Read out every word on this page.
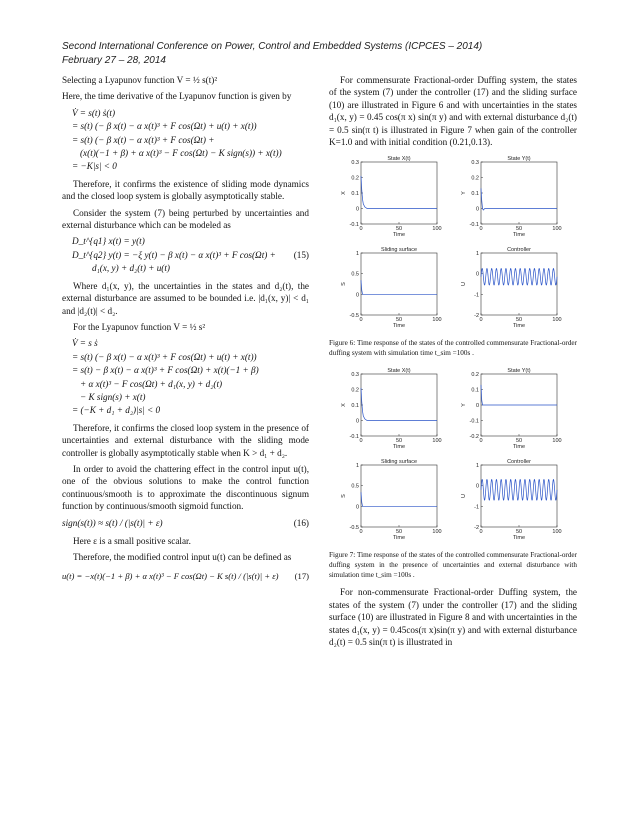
Second International Conference on Power, Control and Embedded Systems (ICPCES – 2014)
February 27 – 28, 2014

Selecting a Lyapunov function V = ½ s(t)²

Here, the time derivative of the Lyapunov function is given by

V̇ = s(t) ṡ(t)
= s(t) (− β x(t) − α x(t)³ + F cos(Ωt) + u(t) + x(t))
= s(t) (− β x(t) − α x(t)³ + F cos(Ωt) +
(x(t)(−1 + β) + α x(t)³ − F cos(Ωt) − K sign(s)) + x(t))
= −K|s| < 0

Therefore, it confirms the existence of sliding mode dynamics and the closed loop system is globally asymptotically stable.

Consider the system (7) being perturbed by uncertainties and external disturbance which can be modeled as

D_t^{q1} x(t) = y(t)
D_t^{q2} y(t) = −ξ y(t) − β x(t) − α x(t)³ + F cos(Ωt) + (15)
d₁(x, y) + d₂(t) + u(t)

Where d₁(x, y), the uncertainties in the states and d₂(t), the external disturbance are assumed to be bounded i.e. |d₁(x, y)| < d₁ and |d₂(t)| < d₂.

For the Lyapunov function V = ½ s²

V̇ = s ṡ
= s(t) (− β x(t) − α x(t)³ + F cos(Ωt) + u(t) + x(t))
= s(t) − β x(t) − α x(t)³ + F cos(Ωt) + x(t)(−1 + β)
+ α x(t)³ − F cos(Ωt) + d₁(x, y) + d₂(t)
− K sign(s) + x(t)
= (−K + d₁ + d₂)|s| < 0

Therefore, it confirms the closed loop system in the presence of uncertainties and external disturbance with the sliding mode controller is globally asymptotically stable when K > d₁ + d₂.

In order to avoid the chattering effect in the control input u(t), one of the obvious solutions to make the control function continuous/smooth is to approximate the discontinuous signum function by continuous/smooth sigmoid function.

sign(s(t)) ≈ s(t) / (|s(t)| + ε)	(16)

Here ε is a small positive scalar.

Therefore, the modified control input u(t) can be defined as

u(t) = −x(t)(−1 + β) + α x(t)³ − F cos(Ωt) − K s(t) / (|s(t)| + ε) (17)

For commensurate Fractional-order Duffing system, the states of the system (7) under the controller (17) and the sliding surface (10) are illustrated in Figure 6 and with uncertainties in the states d₁(x, y) = 0.45 cos(π x) sin(π y) and with external disturbance d₂(t) = 0.5 sin(π t) is illustrated in Figure 7 when gain of the controller K=1.0 and with initial condition (0.21,0.13).

State X(t)
0	50	100
-0.1
0
0.1
0.2
0.3
Time
X
State Y(t)
0	50	100
-0.1
0
0.1
0.2
0.3
Time
Y
Sliding surface
0	50	100
-0.5
0
0.5
1
Time
S
Controller
0	50	100
-2
-1
0
1
Time
U

Figure 6: Time response of the states of the controlled commensurate Fractional-order duffing system with simulation time t_sim =100s .

State X(t)
0	50	100
-0.1
0
0.1
0.2
0.3
Time
X
State Y(t)
0	50	100
-0.2
-0.1
0
0.1
0.2
Time
Y
Sliding surface
0	50	100
-0.5
0
0.5
1
Time
S
Controller
0	50	100
-2
-1
0
1
Time
U

Figure 7: Time response of the states of the controlled commensurate Fractional-order duffing system in the presence of uncertainties and external disturbance with simulation time t_sim =100s .

For non-commensurate Fractional-order Duffing system, the states of the system (7) under the controller (17) and the sliding surface (10) are illustrated in Figure 8 and with uncertainties in the states d₁(x, y) = 0.45cos(π x)sin(π y) and with external disturbance d₂(t) = 0.5 sin(π t) is illustrated in
